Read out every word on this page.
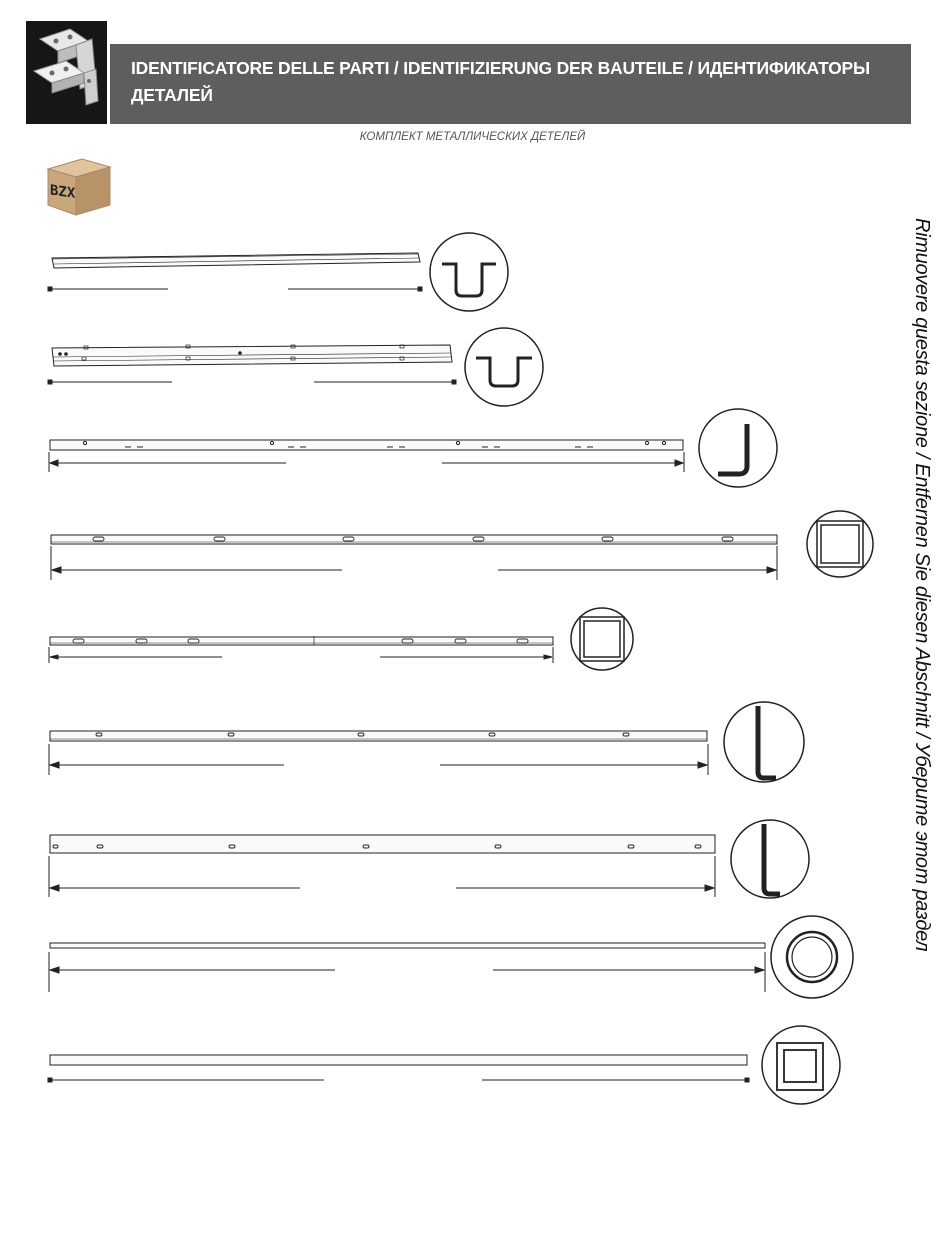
IDENTIFICATORE DELLE PARTI / IDENTIFIZIERUNG DER BAUTEILE / ИДЕНТИФИКАТОРЫ ДЕТАЛЕЙ
КОМПЛЕКТ МЕТАЛЛИЧЕСКИХ ДЕТЕЛЕЙ
BZX
Rimuovere questa sezione / Entfernen Sie diesen Abschnitt / Уберите этот раздел
